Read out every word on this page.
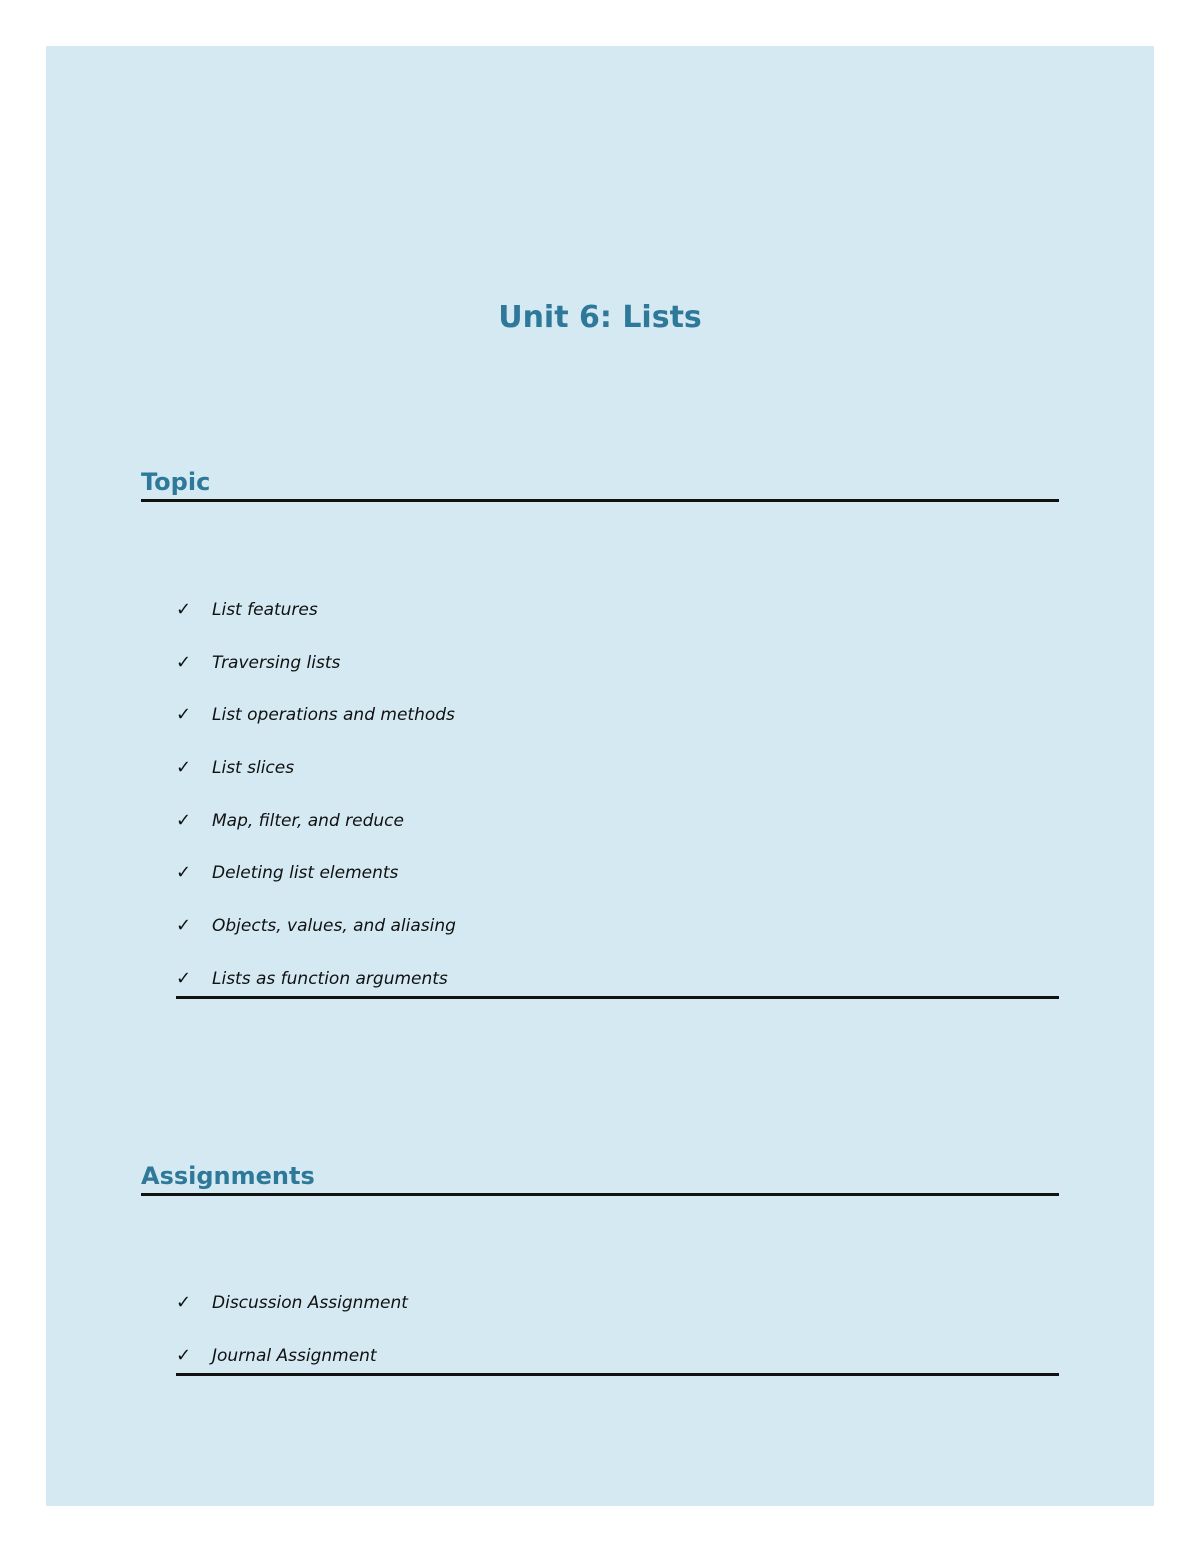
Unit 6: Lists
Topic
✓	List features
✓	Traversing lists
✓	List operations and methods
✓	List slices
✓	Map, filter, and reduce
✓	Deleting list elements
✓	Objects, values, and aliasing
✓	Lists as function arguments
Assignments
✓	Discussion Assignment
✓	Journal Assignment
